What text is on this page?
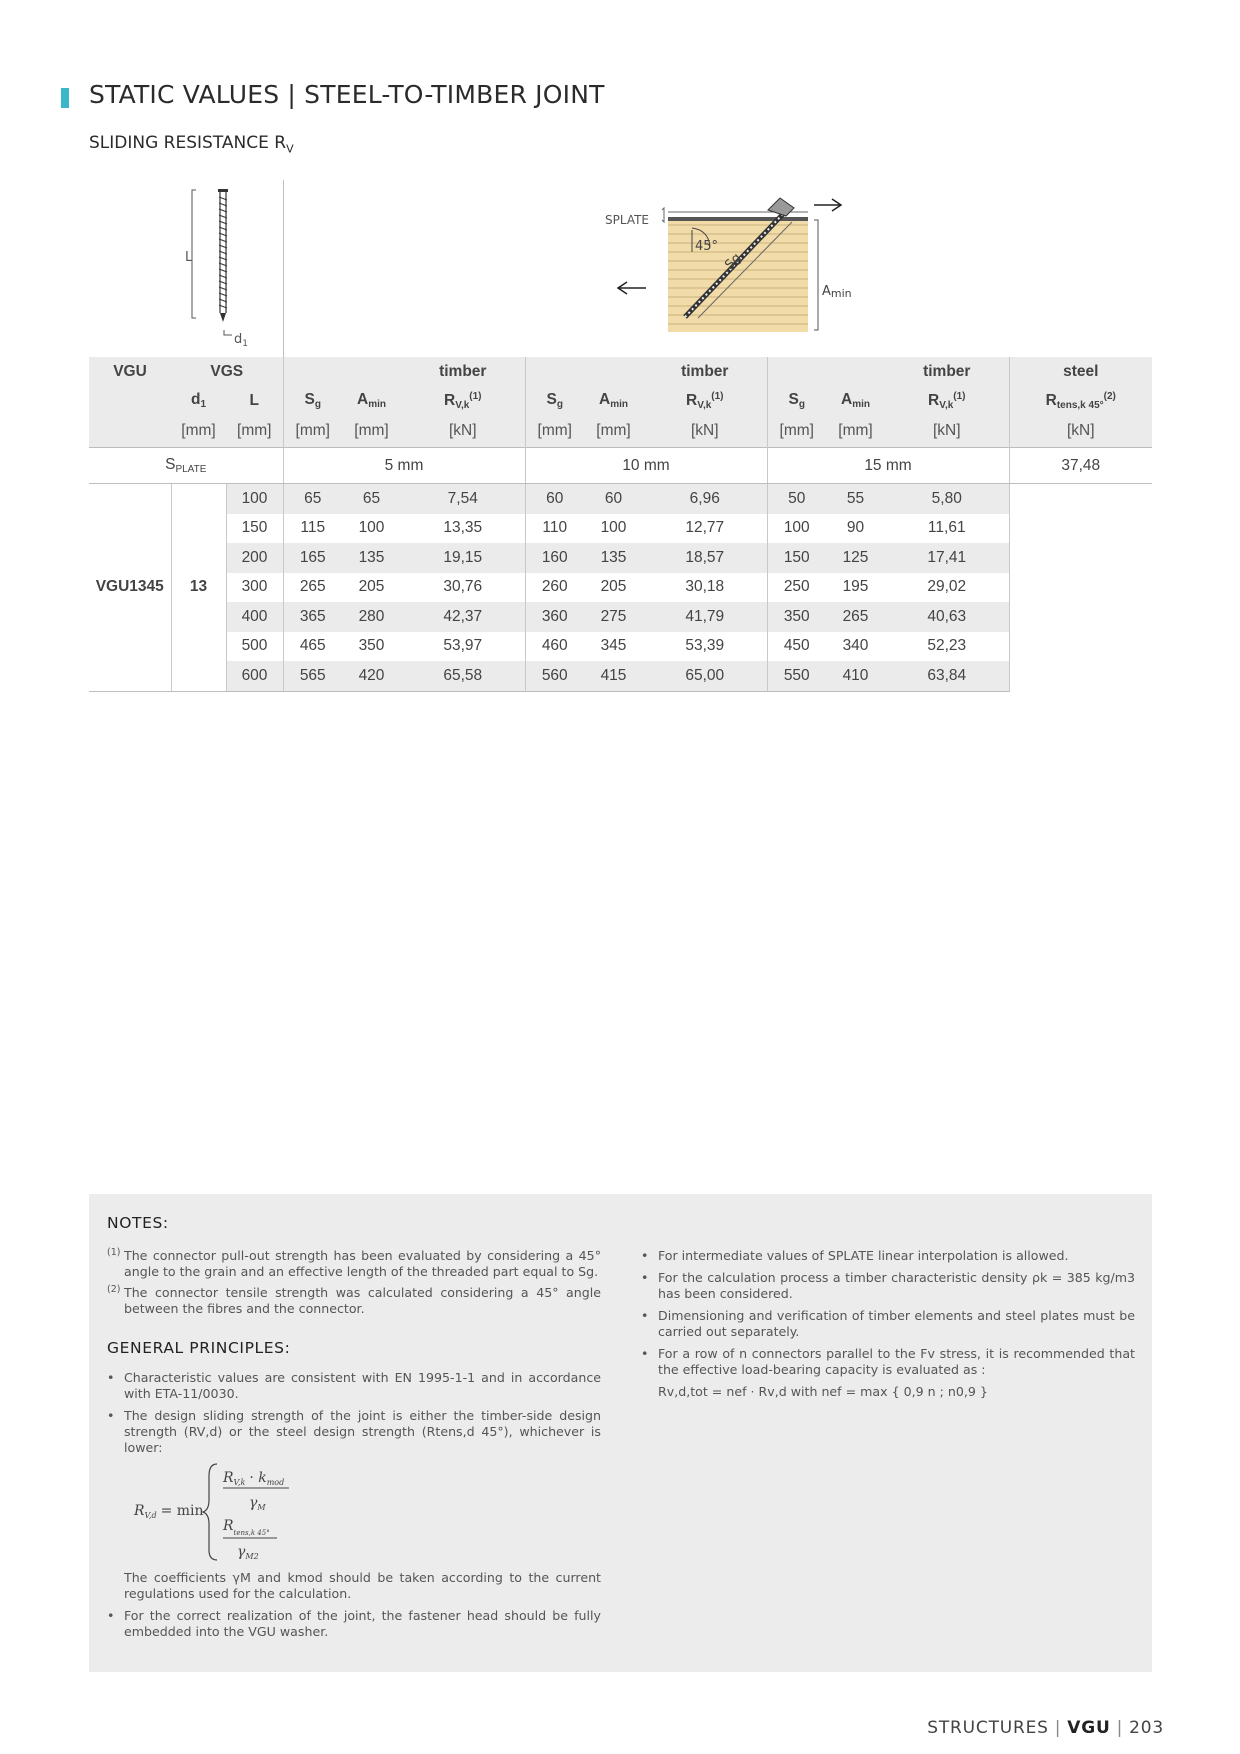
STATIC VALUES | STEEL-TO-TIMBER JOINT
SLIDING RESISTANCE $R_V$
L
$d_1$
SPLATE
45°
Sg
Amin
VGU	VGS				timber			timber			timber	steel
	$d_1$	L	$S_g$	$A_{min}$	$R_{V,k}^{(1)}$	$S_g$	$A_{min}$	$R_{V,k}^{(1)}$	$S_g$	$A_{min}$	$R_{V,k}^{(1)}$	$R_{tens,k 45^\circ}^{(2)}$
	[mm]	[mm]	[mm]	[mm]	[kN]	[mm]	[mm]	[kN]	[mm]	[mm]	[kN]	[kN]
$S_{PLATE}$			5 mm			10 mm			15 mm			37,48
VGU1345	13	100	65	65	7,54	60	60	6,96	50	55	5,80	
		150	115	100	13,35	110	100	12,77	100	90	11,61	
		200	165	135	19,15	160	135	18,57	150	125	17,41	
		300	265	205	30,76	260	205	30,18	250	195	29,02	
		400	365	280	42,37	360	275	41,79	350	265	40,63	
		500	465	350	53,97	460	345	53,39	450	340	52,23	
		600	565	420	65,58	560	415	65,00	550	410	63,84	
NOTES:

(1) The connector pull-out strength has been evaluated by considering a 45° angle to the grain and an effective length of the threaded part equal to Sg.

(2) The connector tensile strength was calculated considering a 45° angle between the fibres and the connector.

GENERAL PRINCIPLES:
• Characteristic values are consistent with EN 1995-1-1 and in accordance with ETA-11/0030.
• The design sliding strength of the joint is either the timber-side design strength (RV,d) or the steel design strength (Rtens,d 45°), whichever is lower:
$R_{V,d} = \min$
$R_{V,k} \cdot k_{mod}$
$\gamma_M$
$R_{tens,k 45^\circ}$
$\gamma_{M2}$

The coefficients γM and kmod should be taken according to the current regulations used for the calculation.

• For the correct realization of the joint, the fastener head should be fully embedded into the VGU washer.
• For intermediate values of SPLATE linear interpolation is allowed.
• For the calculation process a timber characteristic density ρk = 385 kg/m3 has been considered.
• Dimensioning and verification of timber elements and steel plates must be carried out separately.
• For a row of n connectors parallel to the Fv stress, it is recommended that the effective load-bearing capacity is evaluated as :

Rv,d,tot = nef · Rv,d with nef = max { 0,9 n ; n0,9 }

STRUCTURES | VGU | 203
